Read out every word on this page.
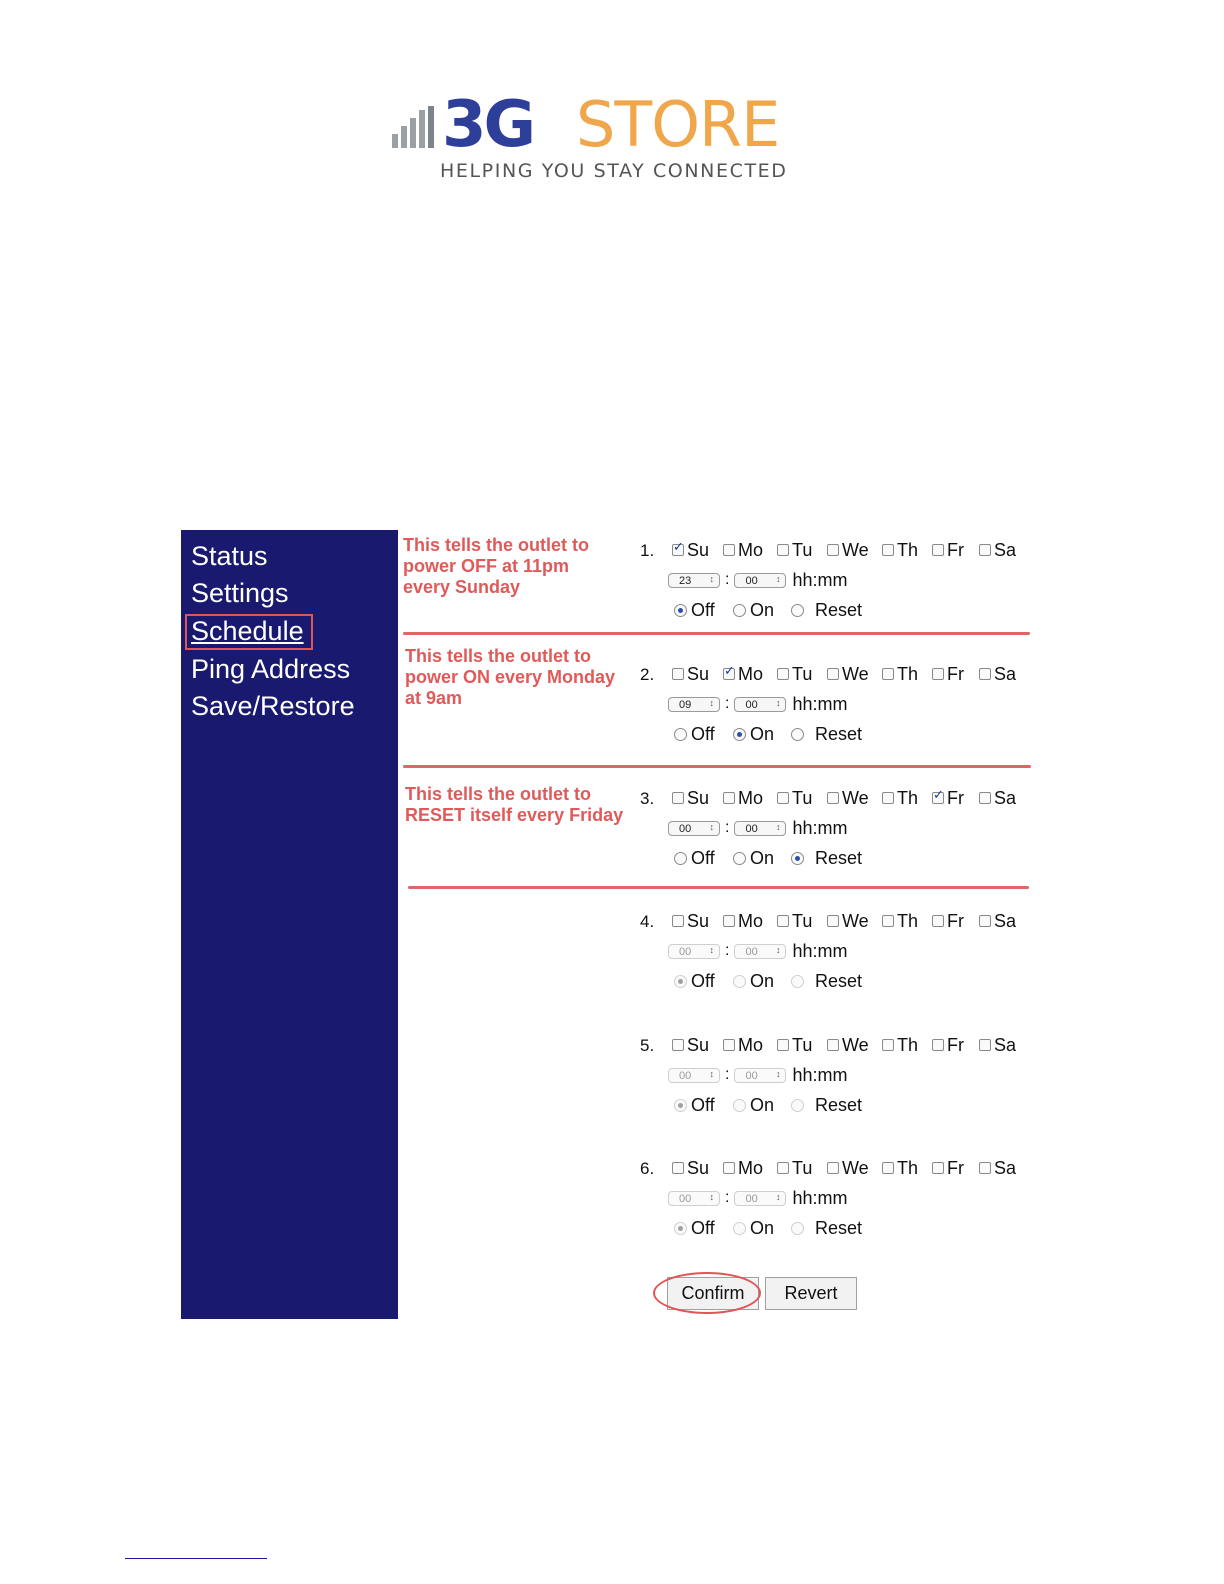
3G STORE
HELPING YOU STAY CONNECTED
Status
Settings
Schedule
Ping Address
Save/Restore
This tells the outlet to
power OFF at 11pm
every Sunday
This tells the outlet to
power ON every Monday
at 9am
This tells the outlet to
RESET itself every Friday
1. ✓ Su Mo Tu We Th Fr Sa
23 ↕ : 00 ↕ hh:mm
Off On Reset
2. Su ✓ Mo Tu We Th Fr Sa
09 ↕ : 00 ↕ hh:mm
Off On Reset
3. Su Mo Tu We Th ✓ Fr Sa
00 ↕ : 00 ↕ hh:mm
Off On Reset
4. Su Mo Tu We Th Fr Sa
00 ↕ : 00 ↕ hh:mm
Off On Reset
5. Su Mo Tu We Th Fr Sa
00 ↕ : 00 ↕ hh:mm
Off On Reset
6. Su Mo Tu We Th Fr Sa
00 ↕ : 00 ↕ hh:mm
Off On Reset
Confirm	Revert
